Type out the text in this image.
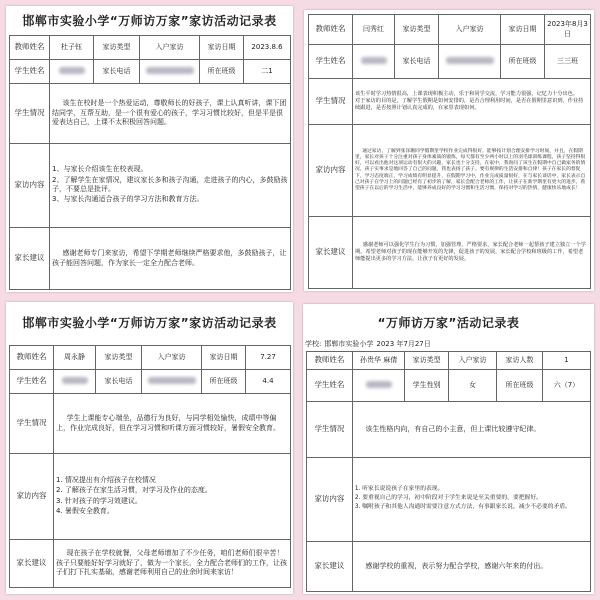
邯郸市实验小学“万师访万家”家访活动记录表
教师姓名	杜子钰	家访类型	入户家访	家访日期	2023.8.6
学生姓名		家长电话		所在班级	二1
学生情况	该生在校时是一个热爱运动，尊敬师长的好孩子，课上认真听讲，课下团结同学，互帮互助，是一个很有爱心的孩子，学习习惯比较好，但是平是很爱表达自己，上课不太积极回答问题。				
家访内容	1、与家长介绍该生在校表现。
2、了解学生在家情况，建议家长多和孩子沟通，走进孩子的内心，多鼓励孩子，不要总是批评。
3、与家长沟通适合孩子的学习方法和教育方法。				

家长建议	感谢老师专门来家访，希望下学期老师继续严格要求他，多鼓励孩子，让孩子能回答问题，作为家长一定全力配合老师。				
教师姓名	闫秀红	家访类型	入户家访	家访日期	2023年8月3日
学生姓名		家长电话		所在班级	三三班
学生情况	该生平时学习热情很高，上课表现积极主动，乐于和同学交流，学习能力很强，记忆力十分出色。
对于家访的目的是，了解学生假期是如何安排的，是否合理利用时间，是否在假期里意识到，作业持续跟进，是否按照计划认真完成的，在家里表现如何。				
家访内容	通过家访，了解到张泽珊同学假期里学校作业完成得很好，能够按计划合理安排学习时间，并且，在假期里，家长对孩子十分注重对孩子身体素质的锻炼，每天都有至少两小时以上的羽毛球训练课程，孩子坚持得很好，可以看出他对这项运动有很大的兴趣，家长也十分支持，在家中，我询问了该生在假期中自己做家务的情况，孩子实事求是地回答了自己的问题，我也表扬了孩子。要有规律的生活安排和自律！孩子在家长的督促下，学习态度端正，学习成绩有明显提升，在假期学习中，作业完成质量很好，在与家长谈话中，家长表示自己对孩子在学习上的问题已经有了初步的了解，家长会配合老师的工作，让孩子在新学期里有更大的进步。希望孩子在以后的学习生活中，能够养成良好的学习习惯和生活习惯，保持对学习的热情，健康快乐地成长！				
家长建议	感谢老师可以强化学生行为习惯，加强管理，严格要求，家长配合老师一起帮孩子建立独立一个学期。希望老师对孩子的现在能够开发的先锋，促进孩子的发展，家长配合学校和班级的工作，希望老师能提出更多的学习方法，让孩子有更好的发展。				
邯郸市实验小学“万师访万家”家访活动记录表
教师姓名	周永静	家访类型	入户家访	家访日期	7.27
学生姓名		家长电话		所在班级	4.4
学生情况	学生上课能专心端坐，品德行为良好，与同学相处愉快，成绩中等偏上，作业完成良好，但在学习习惯和听课方面习惯较好，暑假安全教育。				
家访内容	1. 情况提出有介绍孩子在校情况
2. 了解孩子在家生活习惯，对学习及作业的态度。
3. 针对孩子的学习效建议。
4. 暑假安全教育。				

家长建议	现在孩子在学校就餐，父母老师增加了不少任务，咱们老师们很辛苦！孩子只要能好好学习就好了，做为一个家长，全力配合老师们的工作，让孩子们打下扎实基础，感谢老师利用自己的业余时间来家访！				
“万师访万家”活动记录表
学校: 邯郸市实验小学 2023 年7月27日
教师姓名	孙贵华 麻倩	家访类型	入户家访	家访人数	1
学生姓名		学生性别	女	所在班级	六（7）
学生情况	该生性格内向，有自己的小主意，但上课比较遵守纪律。				
家访内容	1. 听家长说说孩子在家里的表现。
2. 要重视自己的学习，初中阶段对于学生来说是至关重要的，要把握好。
3. 嘱咐孩子和其他人沟通时需要注意方式方法，有事跟家长说，减少不必要的矛盾。				

家长建议	感谢学校的重视，表示努力配合学校，感谢六年来的付出。				
